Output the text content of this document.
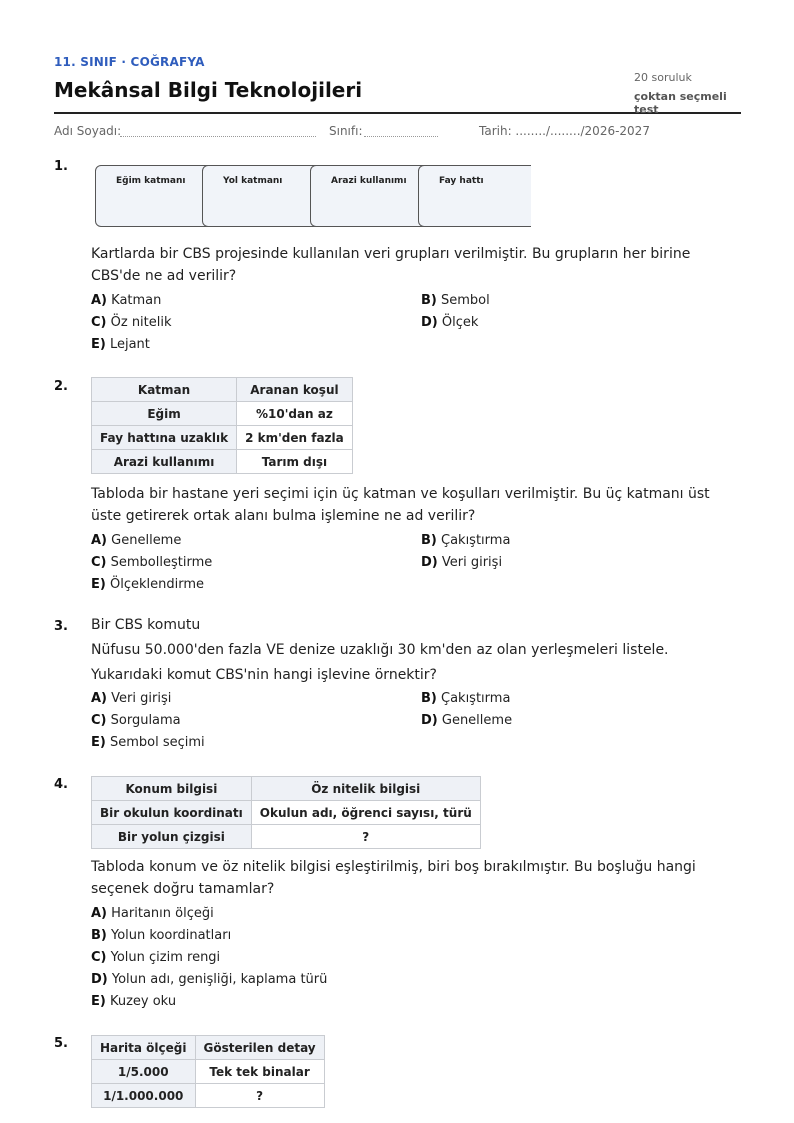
11. SINIF · COĞRAFYA
Mekânsal Bilgi Teknolojileri
20 soruluk
çoktan seçmeli test
Adı Soyadı:	Sınıfı:	Tarih: ......../......../2026-2027
1.
Eğim katmanı	Yol katmanı	Arazi kullanımı	Fay hattı
Kartlarda bir CBS projesinde kullanılan veri grupları verilmiştir. Bu grupların her birine CBS'de ne ad verilir?
A) Katman	B) Sembol
C) Öz nitelik	D) Ölçek
E) Lejant
2.	Katman	Aranan koşul
Eğim	%10'dan az
Fay hattına uzaklık	2 km'den fazla
Arazi kullanımı	Tarım dışı
Tabloda bir hastane yeri seçimi için üç katman ve koşulları verilmiştir. Bu üç katmanı üst üste getirerek ortak alanı bulma işlemine ne ad verilir?
A) Genelleme	B) Çakıştırma
C) Sembolleştirme	D) Veri girişi
E) Ölçeklendirme
3. Bir CBS komutu
Nüfusu 50.000'den fazla VE denize uzaklığı 30 km'den az olan yerleşmeleri listele.
Yukarıdaki komut CBS'nin hangi işlevine örnektir?
A) Veri girişi	B) Çakıştırma
C) Sorgulama	D) Genelleme
E) Sembol seçimi
4.	Konum bilgisi	Öz nitelik bilgisi
Bir okulun koordinatı	Okulun adı, öğrenci sayısı, türü
Bir yolun çizgisi	?
Tabloda konum ve öz nitelik bilgisi eşleştirilmiş, biri boş bırakılmıştır. Bu boşluğu hangi seçenek doğru tamamlar?
A) Haritanın ölçeği
B) Yolun koordinatları
C) Yolun çizim rengi
D) Yolun adı, genişliği, kaplama türü
E) Kuzey oku
5.	Harita ölçeği	Gösterilen detay
1/5.000	Tek tek binalar
1/1.000.000	?
